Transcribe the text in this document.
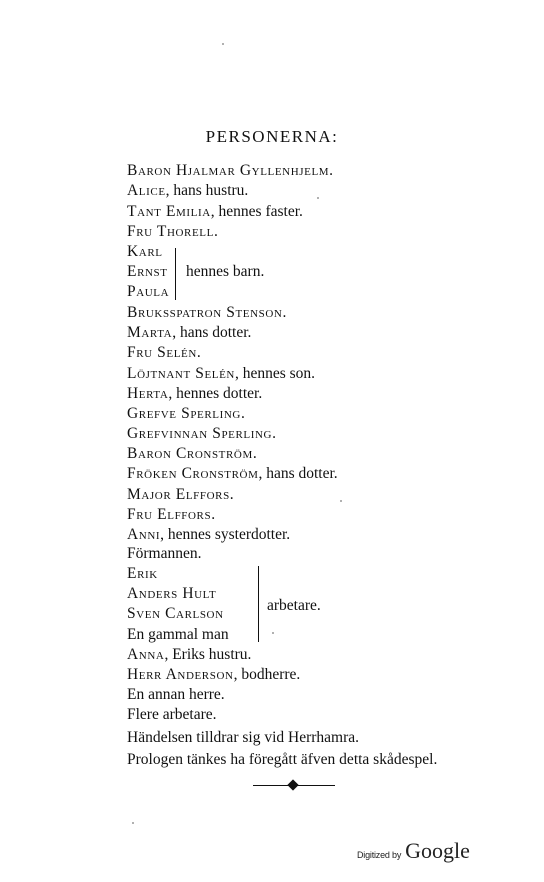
PERSONERNA:
Baron Hjalmar Gyllenhjelm.
Alice, hans hustru.
Tant Emilia, hennes faster.
Fru Thorell.
Karl
Ernst
Paula
hennes barn.
Bruksspatron Stenson.
Marta, hans dotter.
Fru Selén.
Löjtnant Selén, hennes son.
Herta, hennes dotter.
Grefve Sperling.
Grefvinnan Sperling.
Baron Cronström.
Fröken Cronström, hans dotter.
Major Elffors.
Fru Elffors.
Anni, hennes systerdotter.
Förmannen.
Erik
Anders Hult
Sven Carlson
En gammal man
arbetare.
Anna, Eriks hustru.
Herr Anderson, bodherre.
En annan herre.
Flere arbetare.
Händelsen tilldrar sig vid Herrhamra.
Prologen tänkes ha föregått äfven detta skådespel.
Digitized by Google
